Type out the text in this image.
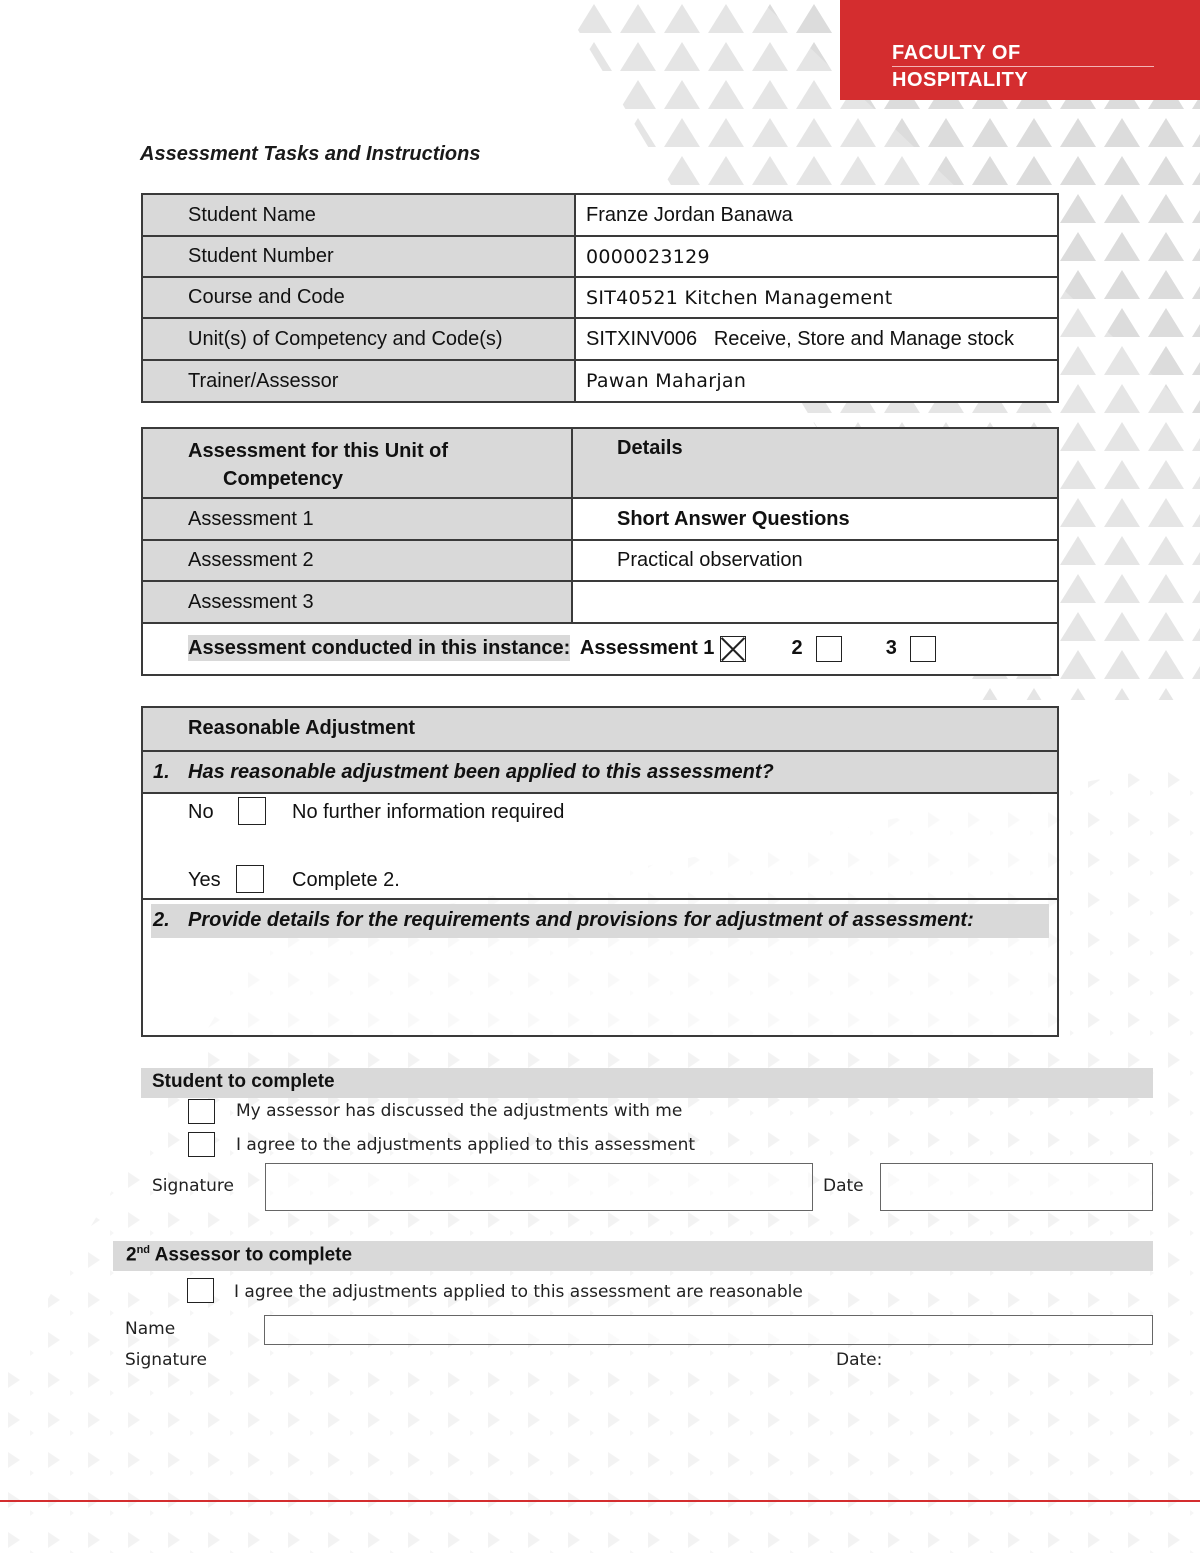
FACULTY OF
HOSPITALITY
Assessment Tasks and Instructions
Student Name	Franze Jordan Banawa
Student Number	0000023129
Course and Code	SIT40521 Kitchen Management
Unit(s) of Competency and Code(s)	SITXINV006   Receive, Store and Manage stock
Trainer/Assessor	Pawan Maharjan
Assessment for this Unit of
Competency	Details
Assessment 1	Short Answer Questions
Assessment 2	Practical observation
Assessment 3	
Assessment conducted in this instance: Assessment 1 2 3	
Reasonable Adjustment
1. Has reasonable adjustment been applied to this assessment?
No	No further information required
Yes	Complete 2.
2. Provide details for the requirements and provisions for adjustment of assessment:
Student to complete
My assessor has discussed the adjustments with me
I agree to the adjustments applied to this assessment
Signature	Date
2nd Assessor to complete
I agree the adjustments applied to this assessment are reasonable
Name
Signature	Date:
